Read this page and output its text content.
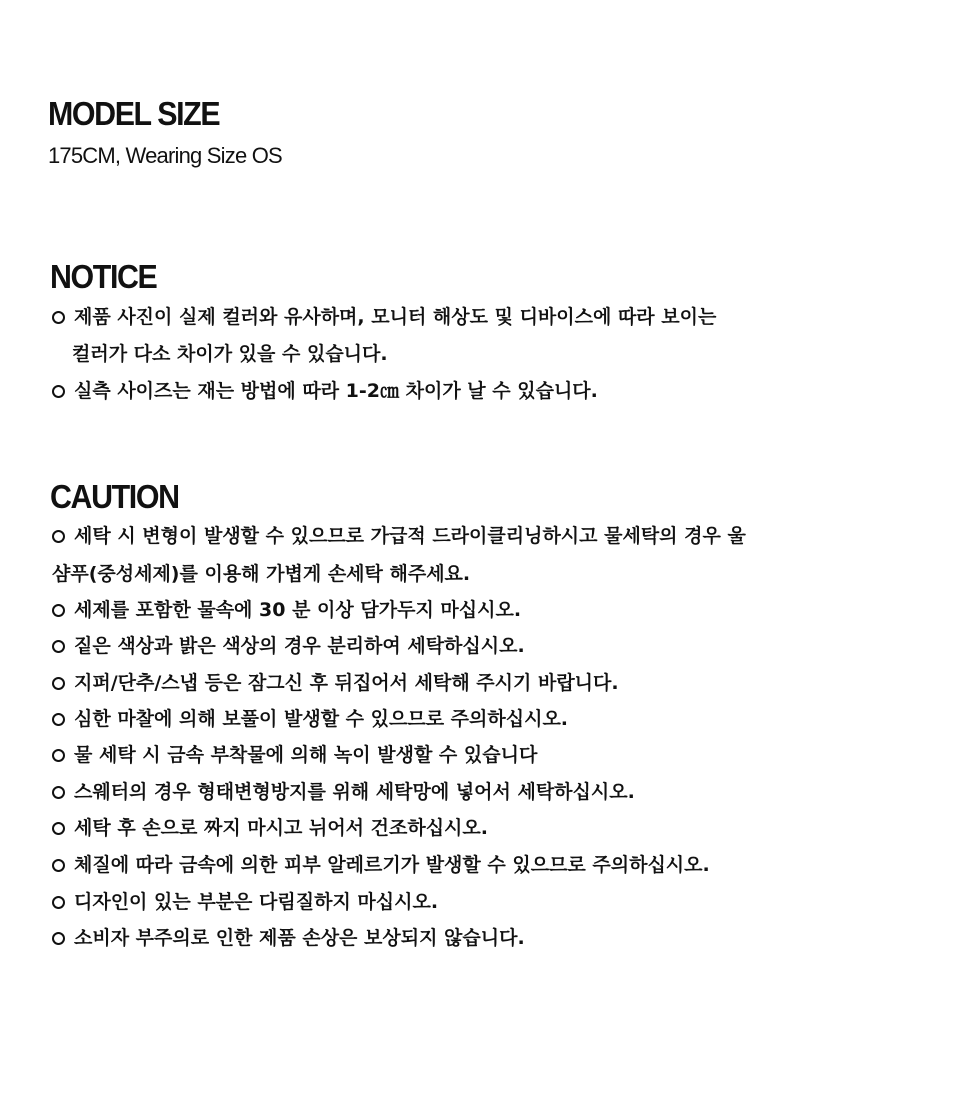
MODEL SIZE

175CM, Wearing Size OS

NOTICE
제품 사진이 실제 컬러와 유사하며, 모니터 해상도 및 디바이스에 따라 보이는

컬러가 다소 차이가 있을 수 있습니다.

실측 사이즈는 재는 방법에 따라 1-2㎝ 차이가 날 수 있습니다.
CAUTION
세탁 시 변형이 발생할 수 있으므로 가급적 드라이클리닝하시고 물세탁의 경우 울

샴푸(중성세제)를 이용해 가볍게 손세탁 해주세요.

세제를 포함한 물속에 30 분 이상 담가두지 마십시오.
짙은 색상과 밝은 색상의 경우 분리하여 세탁하십시오.
지퍼/단추/스냅 등은 잠그신 후 뒤집어서 세탁해 주시기 바랍니다.
심한 마찰에 의해 보풀이 발생할 수 있으므로 주의하십시오.
물 세탁 시 금속 부착물에 의해 녹이 발생할 수 있습니다
스웨터의 경우 형태변형방지를 위해 세탁망에 넣어서 세탁하십시오.
세탁 후 손으로 짜지 마시고 뉘어서 건조하십시오.
체질에 따라 금속에 의한 피부 알레르기가 발생할 수 있으므로 주의하십시오.
디자인이 있는 부분은 다림질하지 마십시오.
소비자 부주의로 인한 제품 손상은 보상되지 않습니다.
